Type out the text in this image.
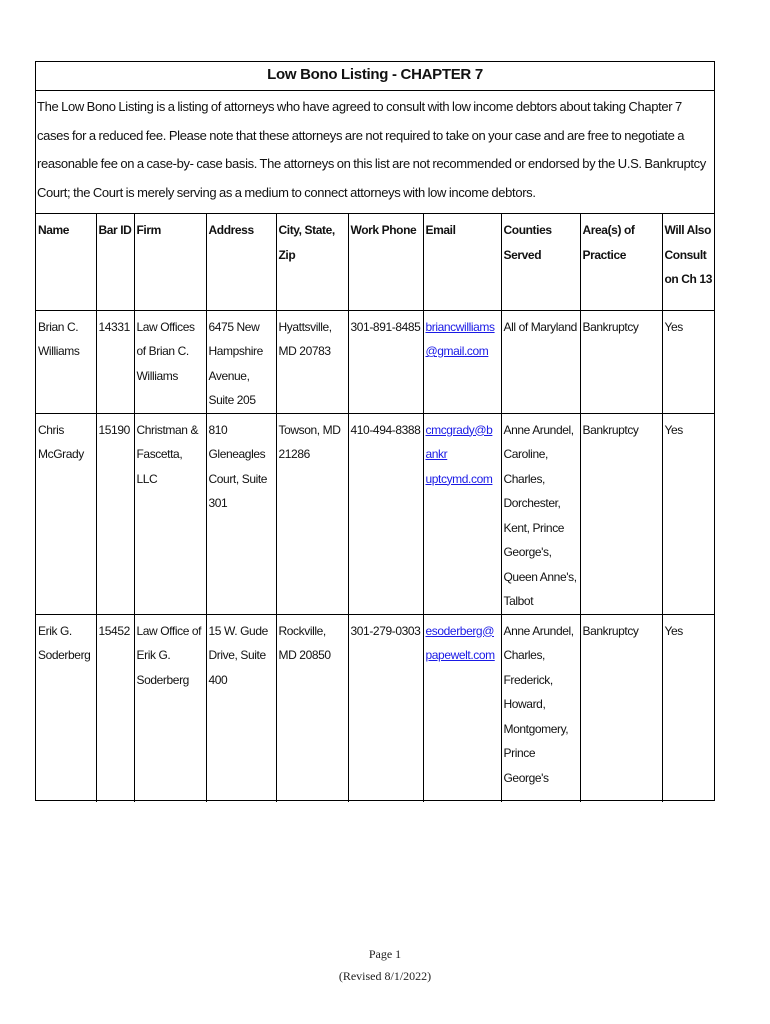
Low Bono Listing - CHAPTER 7
The Low Bono Listing is a listing of attorneys who have agreed to consult with low income debtors about taking Chapter 7 cases for a reduced fee. Please note that these attorneys are not required to take on your case and are free to negotiate a reasonable fee on a case-by- case basis. The attorneys on this list are not recommended or endorsed by the U.S. Bankruptcy Court; the Court is merely serving as a medium to connect attorneys with low income debtors.
Name	Bar ID	Firm	Address	City, State, Zip	Work Phone	Email	Counties Served	Area(s) of Practice	Will Also Consult on Ch 13
Brian C. Williams	14331	Law Offices of Brian C. Williams	6475 New Hampshire Avenue, Suite 205	Hyattsville, MD 20783	301-891-8485	briancwilliams@gmail.com	All of Maryland	Bankruptcy	Yes
Chris McGrady	15190	Christman & Fascetta, LLC	810 Gleneagles Court, Suite 301	Towson, MD 21286	410-494-8388	cmcgrady@bankr uptcymd.com	Anne Arundel, Caroline, Charles, Dorchester, Kent, Prince George's, Queen Anne's, Talbot	Bankruptcy	Yes
Erik G. Soderberg	15452	Law Office of Erik G. Soderberg	15 W. Gude Drive, Suite 400	Rockville, MD 20850	301-279-0303	esoderberg@papewelt.com	Anne Arundel, Charles, Frederick, Howard, Montgomery, Prince George's	Bankruptcy	Yes
Page 1
(Revised 8/1/2022)
